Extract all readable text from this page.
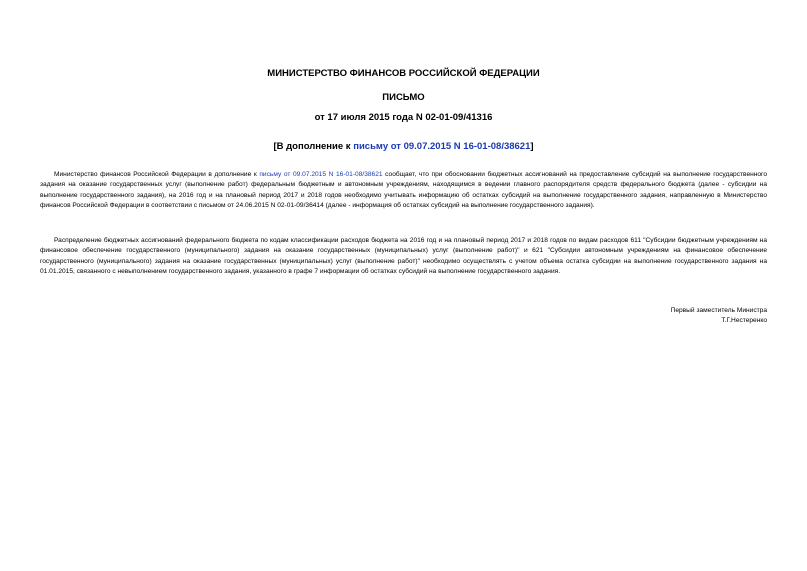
МИНИСТЕРСТВО ФИНАНСОВ РОССИЙСКОЙ ФЕДЕРАЦИИ
ПИСЬМО
от 17 июля 2015 года N 02-01-09/41316
[В дополнение к письму от 09.07.2015 N 16-01-08/38621]

Министерство финансов Российской Федерации в дополнение к письму от 09.07.2015 N 16-01-08/38621 сообщает, что при обосновании бюджетных ассигнований на предоставление субсидий на выполнение государственного задания на оказание государственных услуг (выполнение работ) федеральным бюджетным и автономным учреждениям, находящимся в ведении главного распорядителя средств федерального бюджета (далее - субсидии на выполнение государственного задания), на 2016 год и на плановый период 2017 и 2018 годов необходимо учитывать информацию об остатках субсидий на выполнение государственного задания, направленную в Министерство финансов Российской Федерации в соответствии с письмом от 24.06.2015 N 02-01-09/36414 (далее - информация об остатках субсидий на выполнение государственного задания).

Распределение бюджетных ассигнований федерального бюджета по кодам классификации расходов бюджета на 2016 год и на плановый период 2017 и 2018 годов по видам расходов 611 "Субсидии бюджетным учреждениям на финансовое обеспечение государственного (муниципального) задания на оказание государственных (муниципальных) услуг (выполнение работ)" и 621 "Субсидии автономным учреждениям на финансовое обеспечение государственного (муниципального) задания на оказание государственных (муниципальных) услуг (выполнение работ)" необходимо осуществлять с учетом объема остатка субсидии на выполнение государственного задания на 01.01.2015, связанного с невыполнением государственного задания, указанного в графе 7 информации об остатках субсидий на выполнение государственного задания.

Первый заместитель Министра
Т.Г.Нестеренко
